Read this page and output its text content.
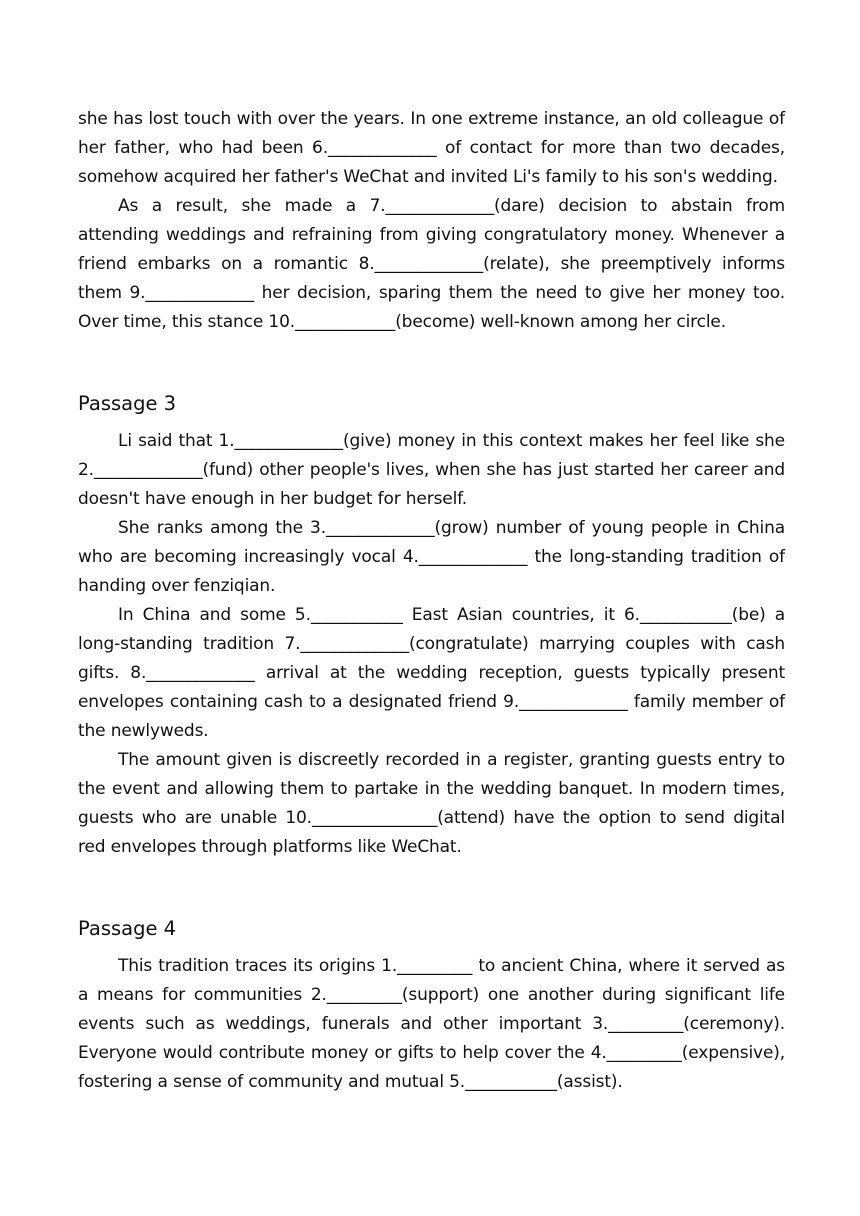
she has lost touch with over the years. In one extreme instance, an old colleague of her father, who had been 6._____________ of contact for more than two decades, somehow acquired her father's WeChat and invited Li's family to his son's wedding.

As a result, she made a 7._____________(dare) decision to abstain from attending weddings and refraining from giving congratulatory money. Whenever a friend embarks on a romantic 8._____________(relate), she preemptively informs them 9._____________ her decision, sparing them the need to give her money too. Over time, this stance 10.____________(become) well-known among her circle.

Passage 3

Li said that 1._____________(give) money in this context makes her feel like she 2._____________(fund) other people's lives, when she has just started her career and doesn't have enough in her budget for herself.

She ranks among the 3._____________(grow) number of young people in China who are becoming increasingly vocal 4._____________ the long-standing tradition of handing over fenziqian.

In China and some 5.___________ East Asian countries, it 6.___________(be) a long-standing tradition 7._____________(congratulate) marrying couples with cash gifts. 8._____________ arrival at the wedding reception, guests typically present envelopes containing cash to a designated friend 9._____________ family member of the newlyweds.

The amount given is discreetly recorded in a register, granting guests entry to the event and allowing them to partake in the wedding banquet. In modern times, guests who are unable 10._______________(attend) have the option to send digital red envelopes through platforms like WeChat.

Passage 4

This tradition traces its origins 1._________ to ancient China, where it served as a means for communities 2._________(support) one another during significant life events such as weddings, funerals and other important 3._________(ceremony). Everyone would contribute money or gifts to help cover the 4._________(expensive), fostering a sense of community and mutual 5.___________(assist).
